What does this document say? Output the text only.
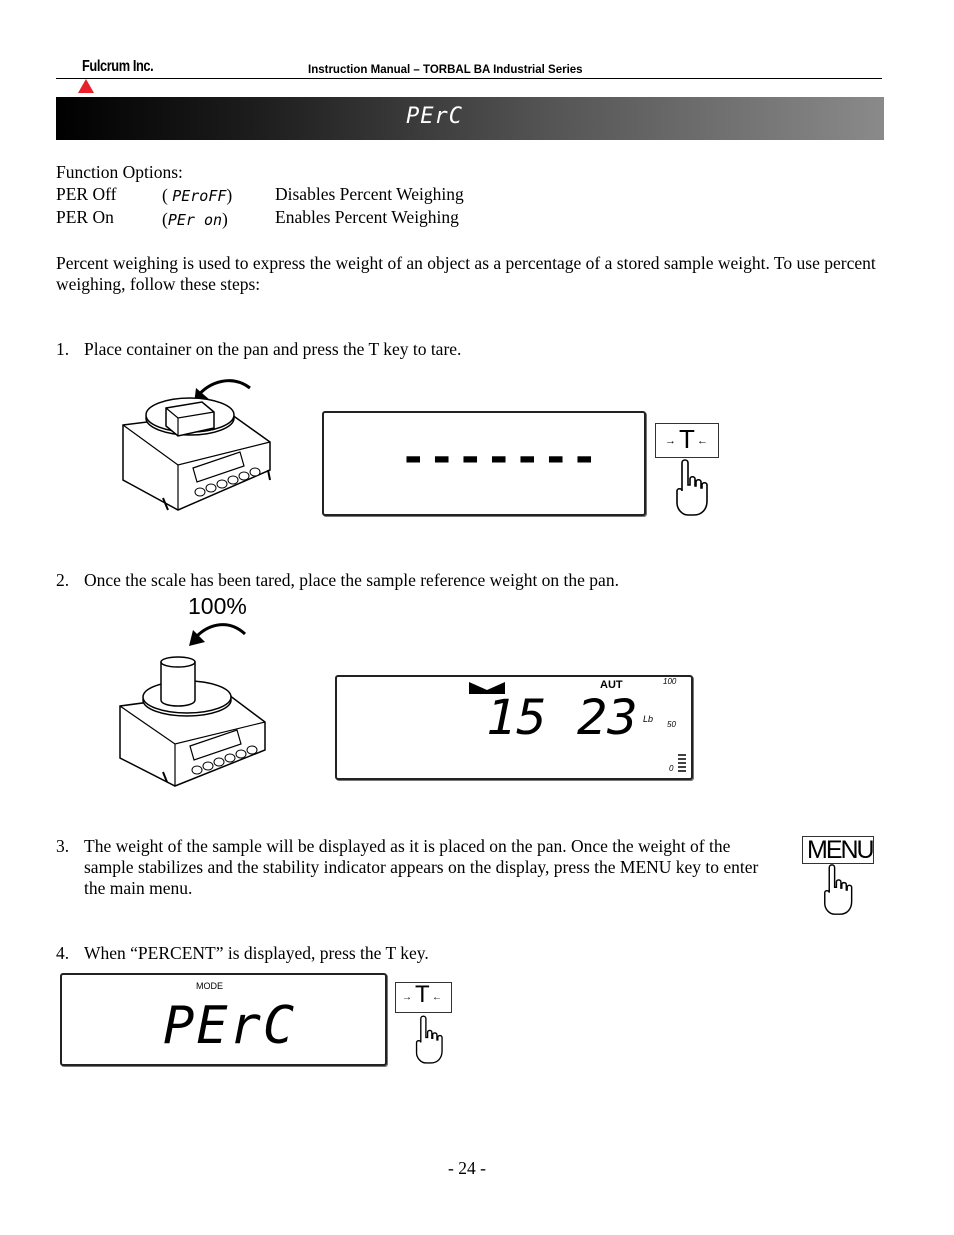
Fulcrum Inc.	Instruction Manual – TORBAL BA Industrial Series
PErC
Function Options:
PER Off	( PEroFF) Disables Percent Weighing
PER On	(PEr on)	Enables Percent Weighing
Percent weighing is used to express the weight of an object as a percentage of a stored sample weight. To use percent weighing, follow these steps:
1. Place container on the pan and press the T key to tare.
-------	→ T ←
2. Once the scale has been tared, place the sample reference weight on the pan.
100%
AUT
15 23 Lb
100
50
0
3. The weight of the sample will be displayed as it is placed on the pan. Once the weight of the sample stabilizes and the stability indicator appears on the display, press the MENU key to enter the main menu.
MENU
4. When “PERCENT” is displayed, press the T key.
MODE
PErC	→ T ←
- 24 -
